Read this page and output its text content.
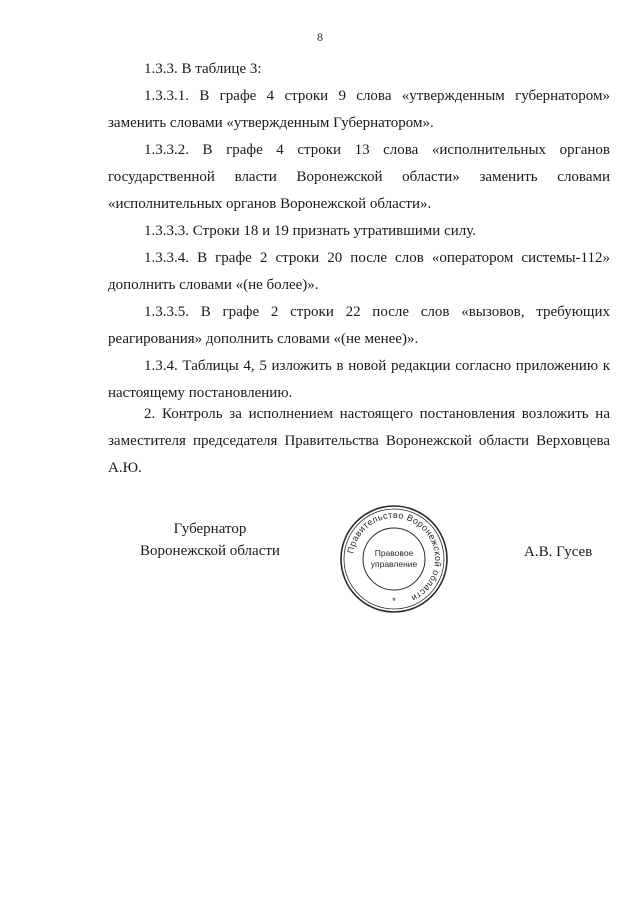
8

1.3.3. В таблице 3:

1.3.3.1. В графе 4 строки 9 слова «утвержденным губернатором» заменить словами «утвержденным Губернатором».

1.3.3.2. В графе 4 строки 13 слова «исполнительных органов государственной власти Воронежской области» заменить словами «исполнительных органов Воронежской области».

1.3.3.3. Строки 18 и 19 признать утратившими силу.

1.3.3.4. В графе 2 строки 20 после слов «оператором системы-112» дополнить словами «(не более)».

1.3.3.5. В графе 2 строки 22 после слов «вызовов, требующих реагирования» дополнить словами «(не менее)».

1.3.4. Таблицы 4, 5 изложить в новой редакции согласно приложению к настоящему постановлению.

2. Контроль за исполнением настоящего постановления возложить на заместителя председателя Правительства Воронежской области Верховцева А.Ю.

Губернатор
Воронежской области	Правительство Воронежской области
Правовое
управление
*
А.В. Гусев
